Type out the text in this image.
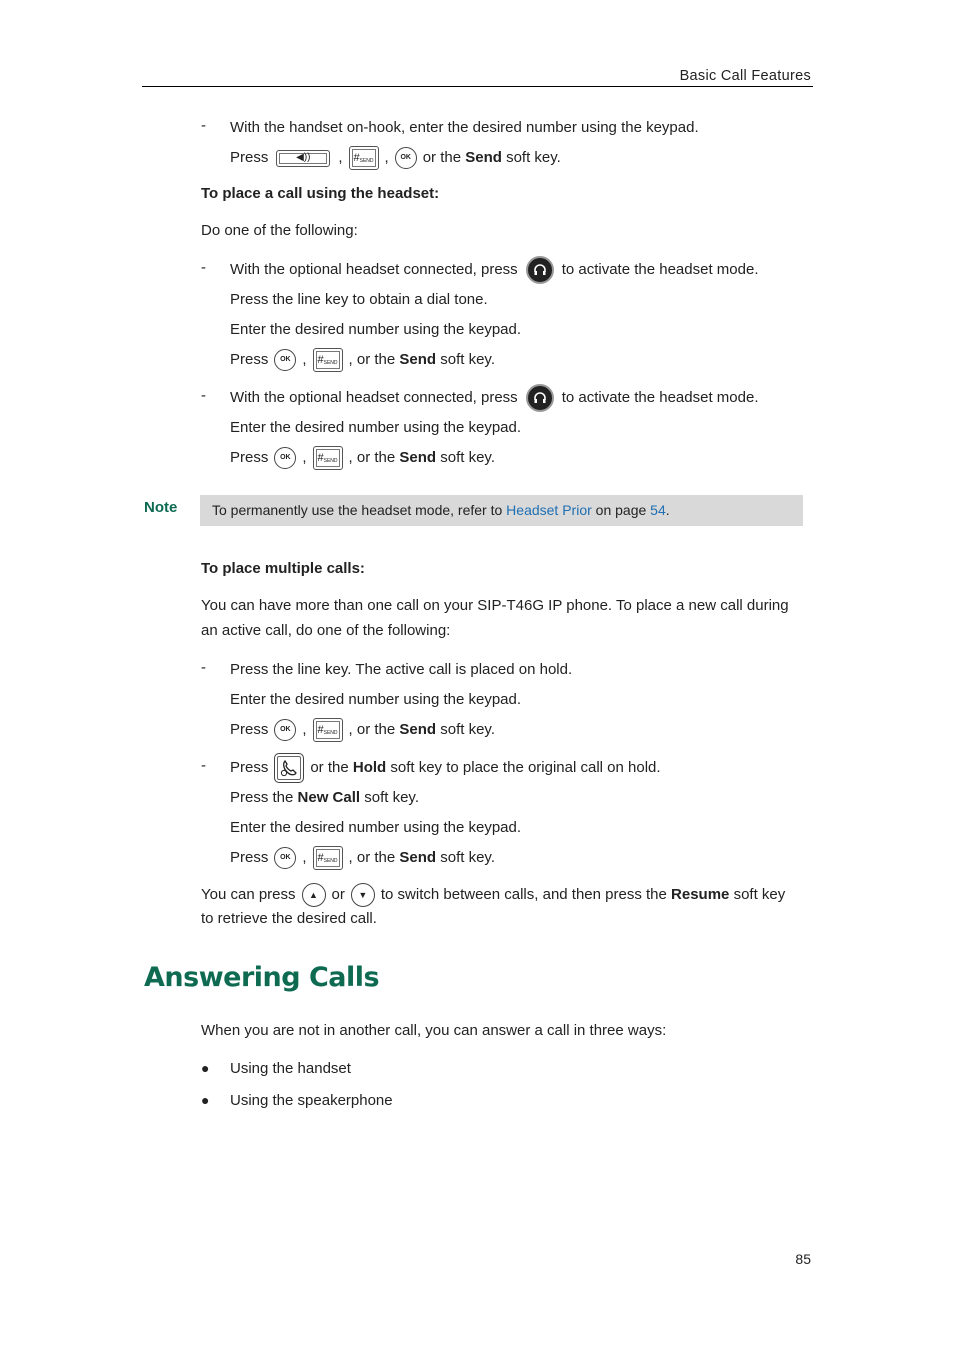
Basic Call Features
- With the handset on-hook, enter the desired number using the keypad.
Press	◀))	, # SEND ,	OK or the
Send
soft key.
To place a call using the headset:
Do one of the following:
- With the optional headset connected, press	to activate the headset mode.
Press the line key to obtain a dial tone.
Enter the desired number using the keypad.
Press	OK , # SEND , or the
Send
soft key.
- With the optional headset connected, press	to activate the headset mode.
Enter the desired number using the keypad.
Press	OK , # SEND , or the
Send
soft key.
Note	To permanently use the headset mode, refer to Headset Prior on page 54.
To place multiple calls:
You can have more than one call on your SIP-T46G IP phone. To place a new call during
an active call, do one of the following:
- Press the line key. The active call is placed on hold.
Enter the desired number using the keypad.
Press	OK , # SEND , or the
Send
soft key.
- Press	or the
Hold
soft key to place the original call on hold.
Press the
New Call
soft key.
Enter the desired number using the keypad.
Press	OK , # SEND , or the
Send
soft key.
You can press	▲ or	▼ to switch between calls, and then press the
Resume
soft key
to retrieve the desired call.
Answering Calls
When you are not in another call, you can answer a call in three ways:
● Using the handset
● Using the speakerphone
85
